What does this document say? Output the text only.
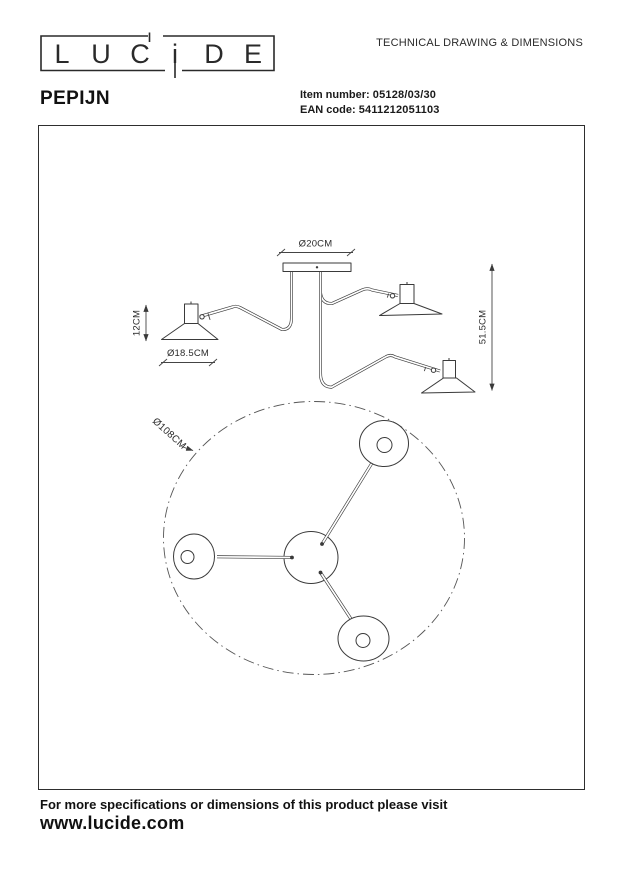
L U C i D E	TECHNICAL DRAWING & DIMENSIONS
PEPIJN	Item number: 05128/03/30
EAN code: 5411212051103
Ø20CM
12CM
Ø18.5CM
51.5CM
Ø108CM
For more specifications or dimensions of this product please visit
www.lucide.com
